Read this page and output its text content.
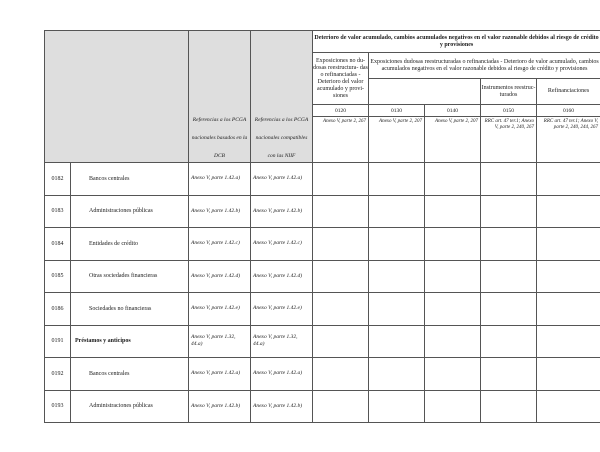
		Referencias a los PCGA nacionales basados en la DCB	Referencias a los PCGA nacionales compatibles con las NIIF	Deterioro de valor acumulado, cambios acumulados negativos en el valor razonable debidos al riesgo de crédito y provisiones				
				Exposiciones no du- dosas reestructura- das o refinanciadas - Deterioro del valor acumulado y provi- siones	Exposiciones dudosas reestructuradas o refinanciadas - Deterioro de valor acumulado, cambios acumulados negativos en el valor razonable debidos al riesgo de crédito y provisiones			
							Instrumentos reestruc- turados	Refinanciaciones
				0120	0130	0140	0150	0160
				Anexo V, parte 2, 267	Anexo V, parte 2, 207	Anexo V, parte 2, 207	RRC art. 47 ter.1; Anexo V, parte 2, 240, 267	RRC art. 47 ter.1; Anexo V, parte 2, 240, 244, 267
0182	Bancos centrales	Anexo V, parte 1.42.a)	Anexo V, parte 1.42.a)					
0183	Administraciones públicas	Anexo V, parte 1.42.b)	Anexo V, parte 1.42.b)					
0184	Entidades de crédito	Anexo V, parte 1.42.c)	Anexo V, parte 1.42.c)					
0185	Otras sociedades financieras	Anexo V, parte 1.42.d)	Anexo V, parte 1.42.d)					
0186	Sociedades no financieras	Anexo V, parte 1.42.e)	Anexo V, parte 1.42.e)					
0191	Préstamos y anticipos	Anexo V, parte 1.32, 44.a)	Anexo V, parte 1.32, 44.a)					
0192	Bancos centrales	Anexo V, parte 1.42.a)	Anexo V, parte 1.42.a)					
0193	Administraciones públicas	Anexo V, parte 1.42.b)	Anexo V, parte 1.42.b)					
